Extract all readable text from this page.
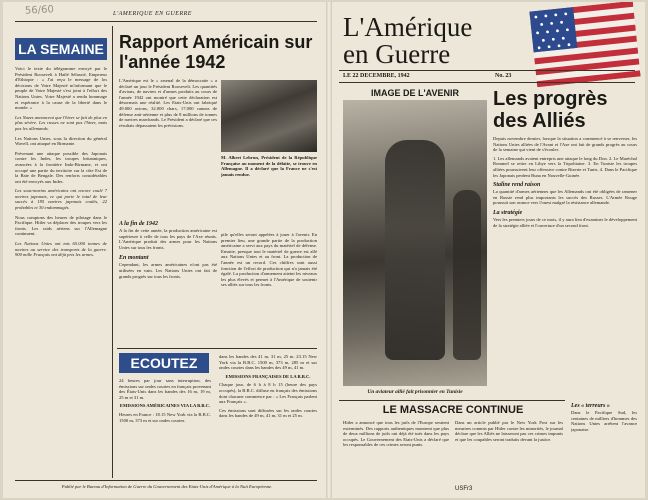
56/60	L'AMERIQUE EN GUERRE
LA SEMAINE

Voici le texte du télégramme envoyé par le Président Roosevelt à Haïlé Sélassié, Empereur d'Ethiopie : « J'ai reçu le message de los décisions de Votre Majesté m'informant que le peuple de Votre Majesté s'est joint à l'effort des Nations Unies. Votre Majesté a rendu hommage et espérance à la cause de la liberté dans le monde. »

Les Nazes annoncent que l'hiver se fait de plus en plus sévère. Les russes ne sont pas l'hiver, mais pas les allemands.

Les Nations Unies, sous la direction du général Wavell, ont attaqué en Birmanie.

Prévenant une attaque possible des Japonais contre les Indes, les troupes britanniques, avancées à la frontière Indo-Birmane, et ont occupé une partie du territoire sur la côte Est de la Baie de Bengale. Des renforts considérables ont été envoyés aux Indes.

Les sous-marins américains ont encore coulé 7 navires japonais, ce qui porte le total de leur succès à 195 navires japonais coulés, 22 probables et 30 endommagés.

Nous comptons des heures de pilotage dans le Pacifique. Hitler va déplacer des troupes vers les fronts. Les raids aériens sur l'Allemagne continuent.

Les Nations Unies ont mis 65.000 tonnes de navires au service des transports de la guerre. 900 mille Français ont déjà pris les armes.

Rapport Américain sur l'année 1942
L'Amérique est le « arsenal de la démocratie » a déclaré un jour le Président Roosevelt. Les quantités d'avions, de navires et d'armes produits au cours de l'année 1942 ont montré que cette déclaration est désormais une réalité. Les Etats-Unis ont fabriqué 49.000 avions, 32.000 chars, 17.000 canons de défense anti-aérienne et plus de 8 millions de tonnes de navires marchands. Le Président a déclaré que ces résultats dépassaient les prévisions.
A la fin de 1942
A la fin de cette année, la production américaine est supérieure à celle de tous les pays de l'Axe réunis. L'Amérique produit des armes pour les Nations Unies sur tous les fronts.
En montant
Cependant, les armes américaines n'ont pas été utilisées en vain. Les Nations Unies ont fait de grands progrès sur tous les fronts.
M. Albert Lebrun, Président de la République Française au moment de la défaite, se trouve en Allemagne. Il a déclaré que la France ne s'est jamais rendue.
pile qu'elles seront appelées à jouer à l'avenir. En premier lieu, une grande partie de la production américaine a servi aux pays du matériel de défense. Ensuite, presque tout le matériel de guerre est allé aux Nations Unies et au front. La production de l'année est un record. Ces chiffres sont aussi fonction de l'effort de production qui n'a jamais été égalé. La production d'armement atteint les niveaux les plus élevés et permet à l'Amérique de soutenir ses alliés sur tous les fronts.
ECOUTEZ

24 heures par jour sans interruption, des émissions sur ondes courtes en français provenant des États-Unis dans les bandes des 16 m, 19 m, 25 m et 31 m.

EMISSIONS AMÉRICAINES VIA LA B.B.C.

Heures en France : 18.15 New York via la B.B.C. 1500 m, 373 m et sur ondes courtes.

dans les bandes des 41 m, 31 m, 25 m. 23.15 New York via la B.B.C. 1500 m, 373 m, 285 m et sur ondes courtes dans les bandes des 49 m, 41 m.

EMISSIONS FRANÇAISES DE LA B.B.C.

Chaque jour, de 6 h à 8 h 15 (heure des pays occupés), la B.B.C. diffuse en français des émissions dont chacune commence par : « Les Français parlent aux Français ».

Ces émissions sont diffusées sur les ondes courtes dans les bandes de 49 m, 41 m, 31 m et 25 m.

Publié par le Bureau d'Information de Guerre du Gouvernement des Etats-Unis d'Amérique à la Nuit Européenne.
L'Amérique
en Guerre
LE 22 DECEMBRE, 1942	No. 23
IMAGE DE L'AVENIR
Un aviateur allié fait prisonnier en Tunisie
Les progrès des Alliés

Depuis novembre dernier, lorsque la situation a commencé à se renverser, les Nations Unies alliées de l'Avant et l'Axe ont fait de grands progrès au cours de la semaine qui vient de s'écouler.

1. Les allemands avaient entrepris une attaque le long du Don. 2. Le Maréchal Rommel se retire en Libye vers la Tripolitaine. 3. En Tunisie les troupes alliées poursuivent leur offensive contre Bizerte et Tunis. 4. Dans le Pacifique les Japonais perdent Buna en Nouvelle-Guinée.

Staline rend raison

La quantité d'armes aériennes que les Allemands ont été obligées de ramener en Russie rend plus importants les succès des Russes. L'Armée Rouge poursuit son avance vers l'ouest malgré la résistance allemande.

La stratégie

Vers les premiers jours de ce mois, il y aura lieu d'examiner le développement de la stratégie alliée et l'ouverture d'un second front.

Les « terreurs »
Dans le Pacifique Sud, les centaines de milliers d'hommes des Nations Unies arrêtent l'avance japonaise.
LE MASSACRE CONTINUE
Hitler a annoncé que tous les juifs de l'Europe seraient exterminés. Des rapports authentiques montrent que plus de deux millions de juifs ont déjà été tués dans les pays occupés. Le Gouvernement des Etats-Unis a déclaré que les responsables de ces crimes seront punis.
Dans un article publié par le New York Post sur les meurtres commis par Hitler contre les minorités, le journal déclare que les Alliés ne laisseront pas ces crimes impunis et que les coupables seront traduits devant la justice.
USFr3
